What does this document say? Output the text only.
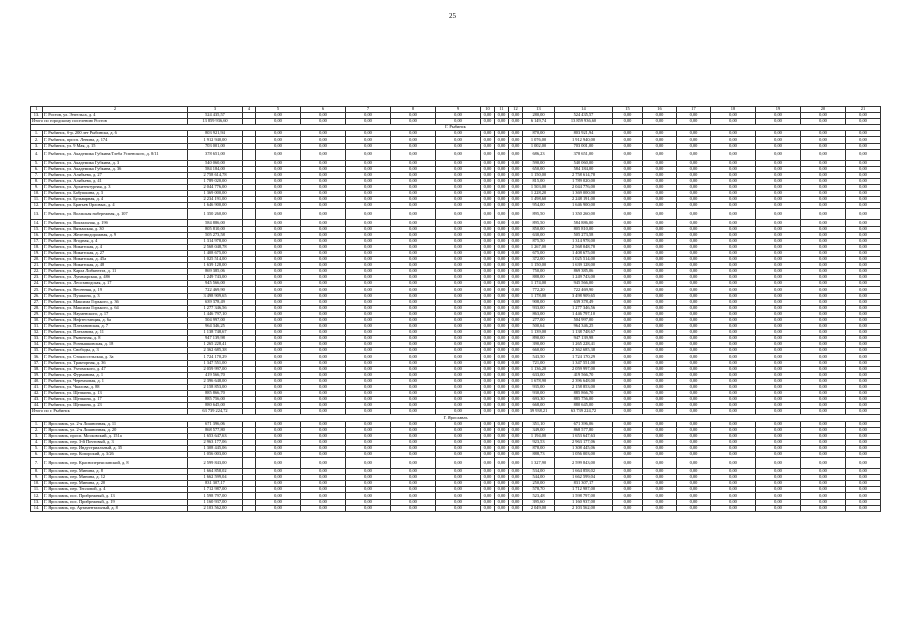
25
1	2	3	4	5	6	7	8	9	10	11	12	13	14	15	16	17	18	19	20	21
13.	Г. Ростов, ул. Энгельса, д. 4	524 435,57		0,00	0,00	0,00	0,00	0,00	0,00	0,00	0,00	280,00	524 435,57	0,00	0,00	0,00	0,00	0,00	0,00	0,00
Итого по городскому поселению Ростов		13 859 936,60		0,00	0,00	0,00	0,00	0,00	0,00	0,00	0,00	6 149,74	13 859 936,60	0,00	0,00	0,00	0,00	0,00	0,00	0,00
Г. Рыбинск																				
1.	Г. Рыбинск, б-р. 200 лет Рыбинска, д. 6	803 921,94		0,00	0,00	0,00	0,00	0,00	0,00	0,00	0,00	870,00	803 921,94	0,00	0,00	0,00	0,00	0,00	0,00	0,00
2.	Г. Рыбинск, просп. Ленина, д. 174	1 912 940,00		0,00	0,00	0,00	0,00	0,00	0,00	0,00	0,00	1 076,00	1 912 940,00	0,00	0,00	0,00	0,00	0,00	0,00	0,00
3.	Г. Рыбинск, ул. 9 Мая, д. 15	703 001,00		0,00	0,00	0,00	0,00	0,00	0,00	0,00	0,00	1 002,00	703 001,00	0,00	0,00	0,00	0,00	0,00	0,00	0,00
4.	Г. Рыбинск, ул. Академика Губкина/Глеба Успенского, д. 8/11	378 651,00		0,00	0,00	0,00	0,00	0,00	0,00	0,00	0,00	686,23	378 651,00	0,00	0,00	0,00	0,00	0,00	0,00	0,00
5.	Г. Рыбинск, ул. Академика Губкина, д. 3	540 060,00		0,00	0,00	0,00	0,00	0,00	0,00	0,00	0,00	590,00	540 060,00	0,00	0,00	0,00	0,00	0,00	0,00	0,00
6.	Г. Рыбинск, ул. Академика Губкина, д. 36	584 184,00		0,00	0,00	0,00	0,00	0,00	0,00	0,00	0,00	650,00	584 184,00	0,00	0,00	0,00	0,00	0,00	0,00	0,00
7.	Г. Рыбинск, ул. Алябьева, д. 27	2 758 614,78		0,00	0,00	0,00	0,00	0,00	0,00	0,00	0,00	1 150,00	2 758 614,78	0,00	0,00	0,00	0,00	0,00	0,00	0,00
8.	Г. Рыбинск, ул. Алябьева, д. 41	1 789 020,00		0,00	0,00	0,00	0,00	0,00	0,00	0,00	0,00	815,00	1 789 020,00	0,00	0,00	0,00	0,00	0,00	0,00	0,00
9.	Г. Рыбинск, ул. Архитектурная, д. 3	2 044 776,00		0,00	0,00	0,00	0,00	0,00	0,00	0,00	0,00	1 503,00	2 044 776,00	0,00	0,00	0,00	0,00	0,00	0,00	0,00
10.	Г. Рыбинск, ул. Бабушкина, д. 3	1 369 000,00		0,00	0,00	0,00	0,00	0,00	0,00	0,00	0,00	1 228,20	1 369 000,00	0,00	0,00	0,00	0,00	0,00	0,00	0,00
11.	Г. Рыбинск, ул. Бульварная, д. 4	2 234 191,00		0,00	0,00	0,00	0,00	0,00	0,00	0,00	0,00	1 498,60	2 248 191,00	0,00	0,00	0,00	0,00	0,00	0,00	0,00
12.	Г. Рыбинск, ул. Братьев Орловых, д. 4	1 646 900,00		0,00	0,00	0,00	0,00	0,00	0,00	0,00	0,00	954,00	1 646 900,00	0,00	0,00	0,00	0,00	0,00	0,00	0,00
13.	Г. Рыбинск, ул. Волжская набережная, д. 107	1 350 260,00		0,00	0,00	0,00	0,00	0,00	0,00	0,00	0,00	895,50	1 350 260,00	0,00	0,00	0,00	0,00	0,00	0,00	0,00
14.	Г. Рыбинск, ул. Вокзальная, д. 19б	584 886,00		0,00	0,00	0,00	0,00	0,00	0,00	0,00	0,00	895,50	584 886,00	0,00	0,00	0,00	0,00	0,00	0,00	0,00
15.	Г. Рыбинск, ул. Вязьмская, д. 30	805 810,00		0,00	0,00	0,00	0,00	0,00	0,00	0,00	0,00	850,00	805 810,00	0,00	0,00	0,00	0,00	0,00	0,00	0,00
16.	Г. Рыбинск, ул. Железнодорожная, д. 9	505 273,58		0,00	0,00	0,00	0,00	0,00	0,00	0,00	0,00	630,00	505 273,58	0,00	0,00	0,00	0,00	0,00	0,00	0,00
17.	Г. Рыбинск, ул. Ягодная, д. 4	1 314 978,00		0,00	0,00	0,00	0,00	0,00	0,00	0,00	0,00	875,50	1 314 978,00	0,00	0,00	0,00	0,00	0,00	0,00	0,00
18.	Г. Рыбинск, ул. Никитская, д. 4	2 568 048,78		0,00	0,00	0,00	0,00	0,00	0,00	0,00	0,00	1 267,00	2 568 048,78	0,00	0,00	0,00	0,00	0,00	0,00	0,00
19.	Г. Рыбинск, ул. Никитская, д. 27	1 408 675,00		0,00	0,00	0,00	0,00	0,00	0,00	0,00	0,00	675,00	1 408 675,00	0,00	0,00	0,00	0,00	0,00	0,00	0,00
20.	Г. Рыбинск, ул. Никитская, д. 45а	1 025 514,00		0,00	0,00	0,00	0,00	0,00	0,00	0,00	0,00	372,00	1 025 514,00	0,00	0,00	0,00	0,00	0,00	0,00	0,00
21.	Г. Рыбинск, ул. Никитская, д. 48	1 639 128,00		0,00	0,00	0,00	0,00	0,00	0,00	0,00	0,00	1 150,00	1 639 128,00	0,00	0,00	0,00	0,00	0,00	0,00	0,00
22.	Г. Рыбинск, ул. Карла Либкнехта, д. 11	869 385,06		0,00	0,00	0,00	0,00	0,00	0,00	0,00	0,00	750,00	869 385,06	0,00	0,00	0,00	0,00	0,00	0,00	0,00
23.	Г. Рыбинск, ул. Луначарская, д. 48б	1 249 743,00		0,00	0,00	0,00	0,00	0,00	0,00	0,00	0,00	888,00	1 249 743,00	0,00	0,00	0,00	0,00	0,00	0,00	0,00
24.	Г. Рыбинск, ул. Лесозаводская, д. 17	945 566,00		0,00	0,00	0,00	0,00	0,00	0,00	0,00	0,00	1 174,00	945 566,00	0,00	0,00	0,00	0,00	0,00	0,00	0,00
25.	Г. Рыбинск, ул. Весенняя, д. 19	722 469,90		0,00	0,00	0,00	0,00	0,00	0,00	0,00	0,00	772,20	722 469,90	0,00	0,00	0,00	0,00	0,00	0,00	0,00
26.	Г. Рыбинск, ул. Пушкина, д. 3	3 498 909,65		0,00	0,00	0,00	0,00	0,00	0,00	0,00	0,00	1 178,00	3 498 909,65	0,00	0,00	0,00	0,00	0,00	0,00	0,00
27.	Г. Рыбинск, ул. Максима Горького, д. 36	639 378,49		0,00	0,00	0,00	0,00	0,00	0,00	0,00	0,00	908,00	639 378,49	0,00	0,00	0,00	0,00	0,00	0,00	0,00
28.	Г. Рыбинск, ул. Максима Горького, д. 64	1 277 346,56		0,00	0,00	0,00	0,00	0,00	0,00	0,00	0,00	933,00	1 277 346,56	0,00	0,00	0,00	0,00	0,00	0,00	0,00
29.	Г. Рыбинск, ул. Науменского, д. 17	1 446 797,10		0,00	0,00	0,00	0,00	0,00	0,00	0,00	0,00	863,00	1 446 797,10	0,00	0,00	0,00	0,00	0,00	0,00	0,00
30.	Г. Рыбинск, ул. Нефтестанция, д. 6а	504 997,00		0,00	0,00	0,00	0,00	0,00	0,00	0,00	0,00	277,00	504 997,00	0,00	0,00	0,00	0,00	0,00	0,00	0,00
31.	Г. Рыбинск, ул. Плехановская, д. 7	964 346,25		0,00	0,00	0,00	0,00	0,00	0,00	0,00	0,00	500,64	964 346,25	0,00	0,00	0,00	0,00	0,00	0,00	0,00
32.	Г. Рыбинск, ул. Плеханова, д. 11	1 138 748,67		0,00	0,00	0,00	0,00	0,00	0,00	0,00	0,00	1 139,00	1 138 748,67	0,00	0,00	0,00	0,00	0,00	0,00	0,00
33.	Г. Рыбинск, ул. Рыночная, д. 8	947 139,98		0,00	0,00	0,00	0,00	0,00	0,00	0,00	0,00	890,00	947 139,98	0,00	0,00	0,00	0,00	0,00	0,00	0,00
34.	Г. Рыбинск, ул. Рознышковская, д. 18	1 265 228,41		0,00	0,00	0,00	0,00	0,00	0,00	0,00	0,00	390,00	1 265 228,41	0,00	0,00	0,00	0,00	0,00	0,00	0,00
35.	Г. Рыбинск, ул. Свободы, д. 3	2 362 685,38		0,00	0,00	0,00	0,00	0,00	0,00	0,00	0,00	660,00	2 362 685,38	0,00	0,00	0,00	0,00	0,00	0,00	0,00
36.	Г. Рыбинск, ул. Стоялосельская, д. 3а	1 724 170,29		0,00	0,00	0,00	0,00	0,00	0,00	0,00	0,00	543,50	1 724 170,29	0,00	0,00	0,00	0,00	0,00	0,00	0,00
37.	Г. Рыбинск, ул. Тракторная, д. 36	1 347 551,00		0,00	0,00	0,00	0,00	0,00	0,00	0,00	0,00	721,00	1 347 551,00	0,00	0,00	0,00	0,00	0,00	0,00	0,00
38.	Г. Рыбинск, ул. Ухтомского, д. 47	2 059 997,00		0,00	0,00	0,00	0,00	0,00	0,00	0,00	0,00	1 136,20	2 059 997,00	0,00	0,00	0,00	0,00	0,00	0,00	0,00
39.	Г. Рыбинск, ул. Фурманова, д. 1	419 566,70		0,00	0,00	0,00	0,00	0,00	0,00	0,00	0,00	633,00	419 566,70	0,00	0,00	0,00	0,00	0,00	0,00	0,00
40.	Г. Рыбинск, ул. Черемховая, д. 1	2 396 648,00		0,00	0,00	0,00	0,00	0,00	0,00	0,00	0,00	1 678,90	2 396 648,00	0,00	0,00	0,00	0,00	0,00	0,00	0,00
41.	Г. Рыбинск, ул. Чкалова, д. 88	2 158 853,00		0,00	0,00	0,00	0,00	0,00	0,00	0,00	0,00	935,00	2 158 853,00	0,00	0,00	0,00	0,00	0,00	0,00	0,00
42.	Г. Рыбинск, ул. Щепкина, д. 13	885 866,70		0,00	0,00	0,00	0,00	0,00	0,00	0,00	0,00	930,00	885 866,70	0,00	0,00	0,00	0,00	0,00	0,00	0,00
43.	Г. Рыбинск, ул. Щепкина, д. 17	885 756,00		0,00	0,00	0,00	0,00	0,00	0,00	0,00	0,00	693,30	885 756,00	0,00	0,00	0,00	0,00	0,00	0,00	0,00
44.	Г. Рыбинск, ул. Щепкина, д. 23	880 645,00		0,00	0,00	0,00	0,00	0,00	0,00	0,00	0,00	668,00	880 645,00	0,00	0,00	0,00	0,00	0,00	0,00	0,00
Итого по г. Рыбинск		63 739 224,72		0,00	0,00	0,00	0,00	0,00	0,00	0,00	0,00	39 938,21	63 739 224,72	0,00	0,00	0,00	0,00	0,00	0,00	0,00
Г. Ярославль																				
1.	Г. Ярославль, ул. 2-я Лишничная, д. 11	671 396,06		0,00	0,00	0,00	0,00	0,00	0,00	0,00	0,00	351,10	671 396,06	0,00	0,00	0,00	0,00	0,00	0,00	0,00
2.	Г. Ярославль, ул. 2-я Лишничная, д. 20	868 577,80		0,00	0,00	0,00	0,00	0,00	0,00	0,00	0,00	349,00	868 577,80	0,00	0,00	0,00	0,00	0,00	0,00	0,00
3.	Г. Ярославль, просп. Московский, д. 151а	1 653 647,63		0,00	0,00	0,00	0,00	0,00	0,00	0,00	0,00	1 194,00	1 653 647,63	0,00	0,00	0,00	0,00	0,00	0,00	0,00
4.	Г. Ярославль, пер. 3-й Почтовый, д. 3	2 963 177,06		0,00	0,00	0,00	0,00	0,00	0,00	0,00	0,00	923,53	2 963 177,06	0,00	0,00	0,00	0,00	0,00	0,00	0,00
5.	Г. Ярославль, пер. Индустриальный, д. 35	1 308 445,06		0,00	0,00	0,00	0,00	0,00	0,00	0,00	0,00	878,00	1 308 445,06	0,00	0,00	0,00	0,00	0,00	0,00	0,00
6.	Г. Ярославль, пер. Копорский, д. 3/26	1 056 003,00		0,00	0,00	0,00	0,00	0,00	0,00	0,00	0,00	888,73	1 056 003,00	0,00	0,00	0,00	0,00	0,00	0,00	0,00
7.	Г. Ярославль, пер. Краснопереяславский, д. 8	2 599 843,00		0,00	0,00	0,00	0,00	0,00	0,00	0,00	0,00	1 327,90	2 599 843,00	0,00	0,00	0,00	0,00	0,00	0,00	0,00
8.	Г. Ярославль, пер. Минина, д. 8	1 664 858,02		0,00	0,00	0,00	0,00	0,00	0,00	0,00	0,00	534,00	1 664 858,02	0,00	0,00	0,00	0,00	0,00	0,00	0,00
9.	Г. Ярославль, пер. Минина, д. 12	1 662 599,04		0,00	0,00	0,00	0,00	0,00	0,00	0,00	0,00	544,00	1 662 599,04	0,00	0,00	0,00	0,00	0,00	0,00	0,00
10.	Г. Ярославль, пер. Минина, д. 20	831 307,17		0,00	0,00	0,00	0,00	0,00	0,00	0,00	0,00	250,00	831 307,17	0,00	0,00	0,00	0,00	0,00	0,00	0,00
11.	Г. Ярославль, пер. Тепловой, д. 4	1 712 987,00		0,00	0,00	0,00	0,00	0,00	0,00	0,00	0,00	578,70	1 712 987,00	0,00	0,00	0,00	0,00	0,00	0,00	0,00
12.	Г. Ярославль, пос. Прибрежный, д. 13	1 598 797,00		0,00	0,00	0,00	0,00	0,00	0,00	0,00	0,00	523,48	1 598 797,00	0,00	0,00	0,00	0,00	0,00	0,00	0,00
13.	Г. Ярославль, пос. Прибрежный, д. 19	1 160 937,00		0,00	0,00	0,00	0,00	0,00	0,00	0,00	0,00	395,60	1 160 937,00	0,00	0,00	0,00	0,00	0,00	0,00	0,00
14.	Г. Ярославль, пр. Артаментальный, д. 8	2 103 562,00		0,00	0,00	0,00	0,00	0,00	0,00	0,00	0,00	2 049,00	2 103 562,00	0,00	0,00	0,00	0,00	0,00	0,00	0,00
